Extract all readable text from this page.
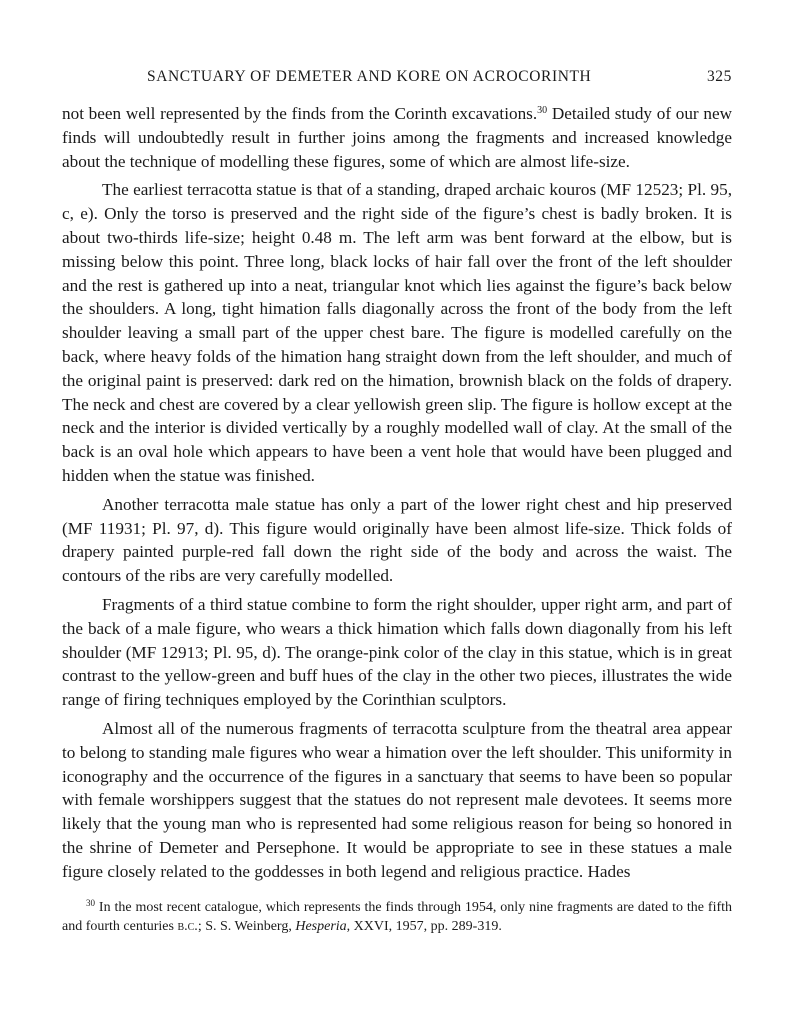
SANCTUARY OF DEMETER AND KORE ON ACROCORINTH	325

not been well represented by the finds from the Corinth excavations.$^{30}$ Detailed study of our new finds will undoubtedly result in further joins among the fragments and increased knowledge about the technique of modelling these figures, some of which are almost life-size.

The earliest terracotta statue is that of a standing, draped archaic kouros (MF 12523; Pl. 95, c, e). Only the torso is preserved and the right side of the figure’s chest is badly broken. It is about two-thirds life-size; height 0.48 m. The left arm was bent forward at the elbow, but is missing below this point. Three long, black locks of hair fall over the front of the left shoulder and the rest is gathered up into a neat, triangular knot which lies against the figure’s back below the shoulders. A long, tight himation falls diagonally across the front of the body from the left shoulder leaving a small part of the upper chest bare. The figure is modelled carefully on the back, where heavy folds of the himation hang straight down from the left shoulder, and much of the original paint is preserved: dark red on the himation, brownish black on the folds of drapery. The neck and chest are covered by a clear yellowish green slip. The figure is hollow except at the neck and the interior is divided vertically by a roughly modelled wall of clay. At the small of the back is an oval hole which appears to have been a vent hole that would have been plugged and hidden when the statue was finished.

Another terracotta male statue has only a part of the lower right chest and hip preserved (MF 11931; Pl. 97, d). This figure would originally have been almost life-size. Thick folds of drapery painted purple-red fall down the right side of the body and across the waist. The contours of the ribs are very carefully modelled.

Fragments of a third statue combine to form the right shoulder, upper right arm, and part of the back of a male figure, who wears a thick himation which falls down diagonally from his left shoulder (MF 12913; Pl. 95, d). The orange-pink color of the clay in this statue, which is in great contrast to the yellow-green and buff hues of the clay in the other two pieces, illustrates the wide range of firing techniques employed by the Corinthian sculptors.

Almost all of the numerous fragments of terracotta sculpture from the theatral area appear to belong to standing male figures who wear a himation over the left shoulder. This uniformity in iconography and the occurrence of the figures in a sanctuary that seems to have been so popular with female worshippers suggest that the statues do not represent male devotees. It seems more likely that the young man who is represented had some religious reason for being so honored in the shrine of Demeter and Persephone. It would be appropriate to see in these statues a male figure closely related to the goddesses in both legend and religious practice. Hades

$^{30}$ In the most recent catalogue, which represents the finds through 1954, only nine fragments are dated to the fifth and fourth centuries b.c.; S. S. Weinberg, Hesperia, XXVI, 1957, pp. 289-319.
